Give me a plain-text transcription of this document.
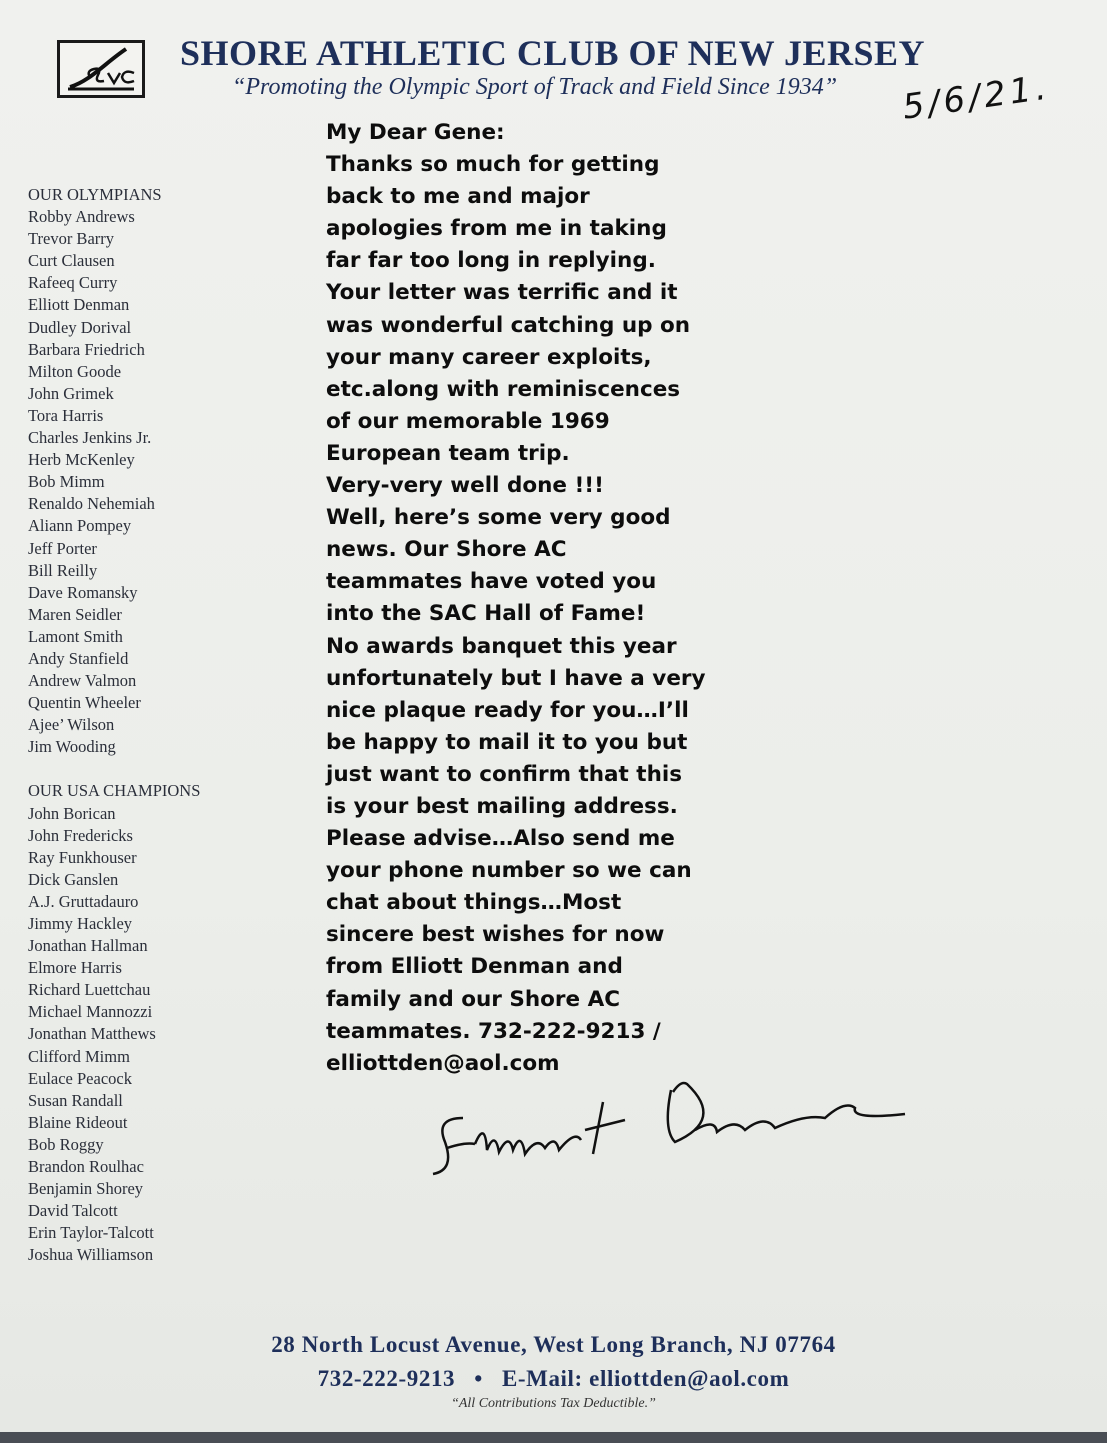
SHORE ATHLETIC CLUB OF NEW JERSEY
“Promoting the Olympic Sport of Track and Field Since 1934”	5/6/21.
OUR OLYMPIANS
Robby Andrews
Trevor Barry
Curt Clausen
Rafeeq Curry
Elliott Denman
Dudley Dorival
Barbara Friedrich
Milton Goode
John Grimek
Tora Harris
Charles Jenkins Jr.
Herb McKenley
Bob Mimm
Renaldo Nehemiah
Aliann Pompey
Jeff Porter
Bill Reilly
Dave Romansky
Maren Seidler
Lamont Smith
Andy Stanfield
Andrew Valmon
Quentin Wheeler
Ajee’ Wilson
Jim Wooding
OUR USA CHAMPIONS
John Borican
John Fredericks
Ray Funkhouser
Dick Ganslen
A.J. Gruttadauro
Jimmy Hackley
Jonathan Hallman
Elmore Harris
Richard Luettchau
Michael Mannozzi
Jonathan Matthews
Clifford Mimm
Eulace Peacock
Susan Randall
Blaine Rideout
Bob Roggy
Brandon Roulhac
Benjamin Shorey
David Talcott
Erin Taylor-Talcott
Joshua Williamson
My Dear Gene:
Thanks so much for getting
back to me and major
apologies from me in taking
far far too long in replying.
Your letter was terrific and it
was wonderful catching up on
your many career exploits,
etc.along with reminiscences
of our memorable 1969
European team trip.
Very-very well done !!!
Well, here’s some very good
news. Our Shore AC
teammates have voted you
into the SAC Hall of Fame!
No awards banquet this year
unfortunately but I have a very
nice plaque ready for you…I’ll
be happy to mail it to you but
just want to confirm that this
is your best mailing address.
Please advise…Also send me
your phone number so we can
chat about things…Most
sincere best wishes for now
from Elliott Denman and
family and our Shore AC
teammates. 732-222-9213 /
elliottden@aol.com
28 North Locust Avenue, West Long Branch, NJ 07764
732-222-9213 • E-Mail: elliottden@aol.com
“All Contributions Tax Deductible.”
